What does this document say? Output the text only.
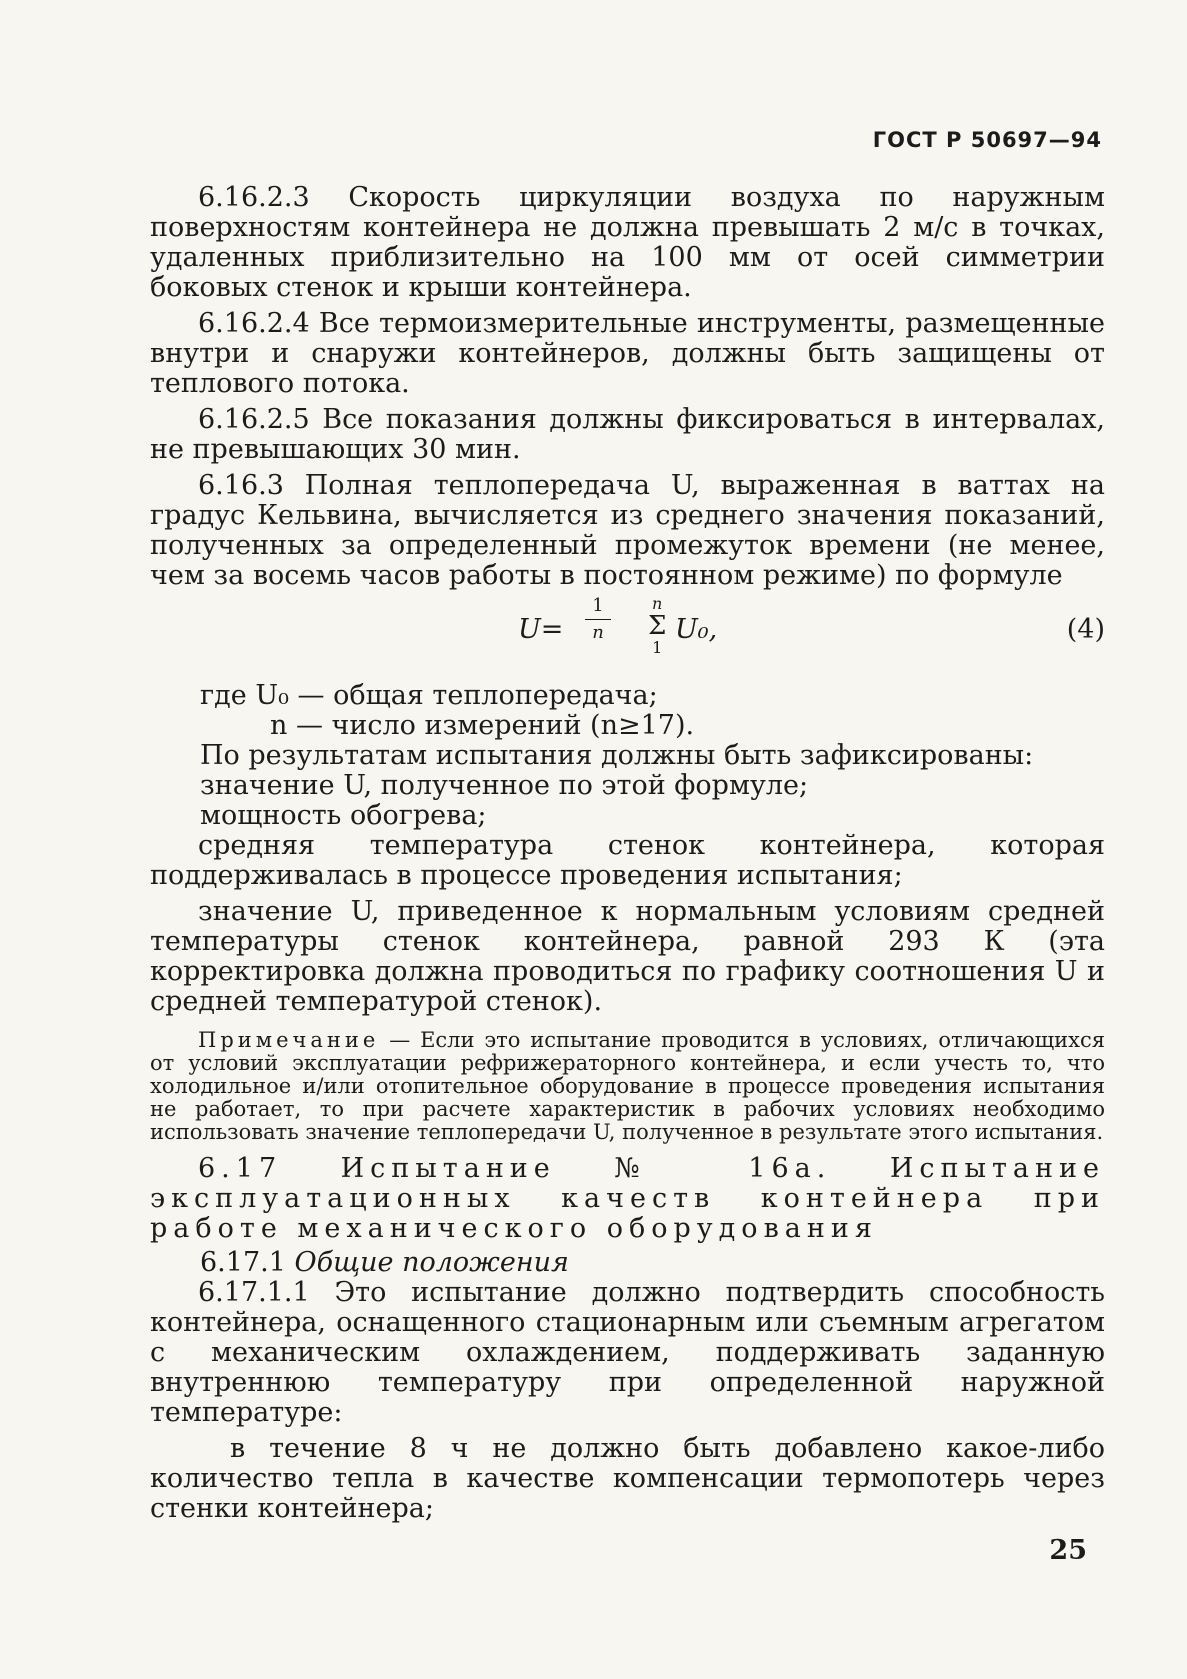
ГОСТ Р 50697—94

6.16.2.3 Скорость циркуляции воздуха по наружным поверхностям контейнера не должна превышать 2 м/с в точках, удаленных приблизительно на 100 мм от осей симметрии боковых стенок и крыши контейнера.

6.16.2.4 Все термоизмерительные инструменты, размещенные внутри и снаружи контейнеров, должны быть защищены от теплового потока.

6.16.2.5 Все показания должны фиксироваться в интервалах, не превышающих 30 мин.

6.16.3 Полная теплопередача U, выраженная в ваттах на градус Кельвина, вычисляется из среднего значения показаний, полученных за определенный промежуток времени (не менее, чем за восемь часов работы в постоянном режиме) по формуле

U=
1
n
n
Σ
1
U₀,	(4)

где U₀ — общая теплопередача;

n — число измерений (n≥17).

По результатам испытания должны быть зафиксированы:

значение U, полученное по этой формуле;

мощность обогрева;

средняя температура стенок контейнера, которая поддерживалась в процессе проведения испытания;

значение U, приведенное к нормальным условиям средней температуры стенок контейнера, равной 293 К (эта корректировка должна проводиться по графику соотношения U и средней температурой стенок).

Примечание — Если это испытание проводится в условиях, отличающихся от условий эксплуатации рефрижераторного контейнера, и если учесть то, что холодильное и/или отопительное оборудование в процессе проведения испытания не работает, то при расчете характеристик в рабочих условиях необходимо использовать значение теплопередачи U, полученное в результате этого испытания.

6.17 Испытание № 16а. Испытание эксплуатационных качеств контейнера при работе механического оборудования

6.17.1 Общие положения

6.17.1.1 Это испытание должно подтвердить способность контейнера, оснащенного стационарным или съемным агрегатом с механическим охлаждением, поддерживать заданную внутреннюю температуру при определенной наружной температуре:

в течение 8 ч не должно быть добавлено какое-либо количество тепла в качестве компенсации термопотерь через стенки контейнера;

25
